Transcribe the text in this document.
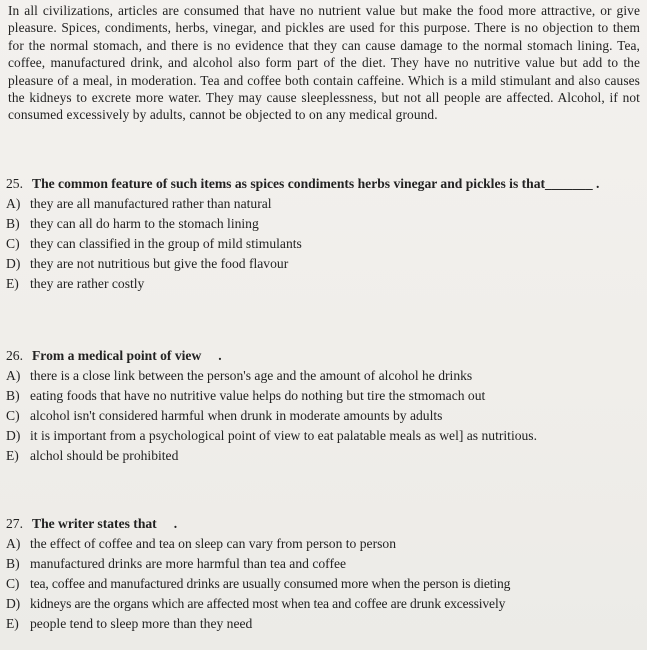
In all civilizations, articles are consumed that have no nutrient value but make the food more attractive, or give pleasure. Spices, condiments, herbs, vinegar, and pickles are used for this purpose. There is no objection to them for the normal stomach, and there is no evidence that they can cause damage to the normal stomach lining. Tea, coffee, manufactured drink, and alcohol also form part of the diet. They have no nutritive value but add to the pleasure of a meal, in moderation. Tea and coffee both contain caffeine. Which is a mild stimulant and also causes the kidneys to excrete more water. They may cause sleeplessness, but not all people are affected. Alcohol, if not consumed excessively by adults, cannot be objected to on any medical ground.
25. The common feature of such items as spices condiments herbs vinegar and pickles is that_______ .
A) they are all manufactured rather than natural
B) they can all do harm to the stomach lining
C) they can classified in the group of mild stimulants
D) they are not nutritious but give the food flavour
E) they are rather costly
26. From a medical point of view     .
A) there is a close link between the person's age and the amount of alcohol he drinks
B) eating foods that have no nutritive value helps do nothing but tire the stmomach out
C) alcohol isn't considered harmful when drunk in moderate amounts by adults
D) it is important from a psychological point of view to eat palatable meals as wel] as nutritious.
E) alchol should be prohibited
27. The writer states that     .
A) the effect of coffee and tea on sleep can vary from person to person
B) manufactured drinks are more harmful than tea and coffee
C) tea, coffee and manufactured drinks are usually consumed more when the person is dieting
D) kidneys are the organs which are affected most when tea and coffee are drunk excessively
E) people tend to sleep more than they need
